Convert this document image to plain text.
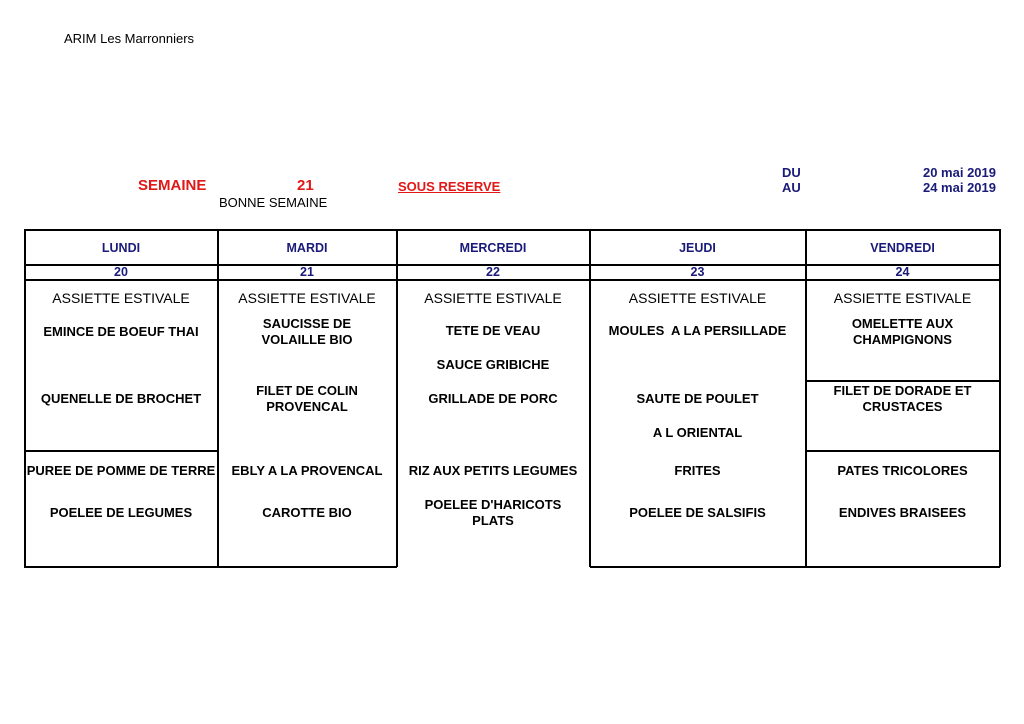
ARIM Les Marronniers
SEMAINE	21	SOUS RESERVE
BONNE SEMAINE
DU
AU
20 mai 2019
24 mai 2019
LUNDI
20
ASSIETTE ESTIVALE
EMINCE DE BOEUF THAI
QUENELLE DE BROCHET
PUREE DE POMME DE TERRE
POELEE DE LEGUMES
MARDI
21
ASSIETTE ESTIVALE
SAUCISSE DE VOLAILLE BIO
FILET DE COLIN PROVENCAL
EBLY A LA PROVENCAL
CAROTTE BIO
MERCREDI
22
ASSIETTE ESTIVALE
TETE DE VEAU
SAUCE GRIBICHE
GRILLADE DE PORC
RIZ AUX PETITS LEGUMES
POELEE D'HARICOTS PLATS
JEUDI
23
ASSIETTE ESTIVALE
MOULES  A LA PERSILLADE
SAUTE DE POULET
A L ORIENTAL
FRITES
POELEE DE SALSIFIS
VENDREDI
24
ASSIETTE ESTIVALE
OMELETTE AUX CHAMPIGNONS
FILET DE DORADE ET CRUSTACES
PATES TRICOLORES
ENDIVES BRAISEES
